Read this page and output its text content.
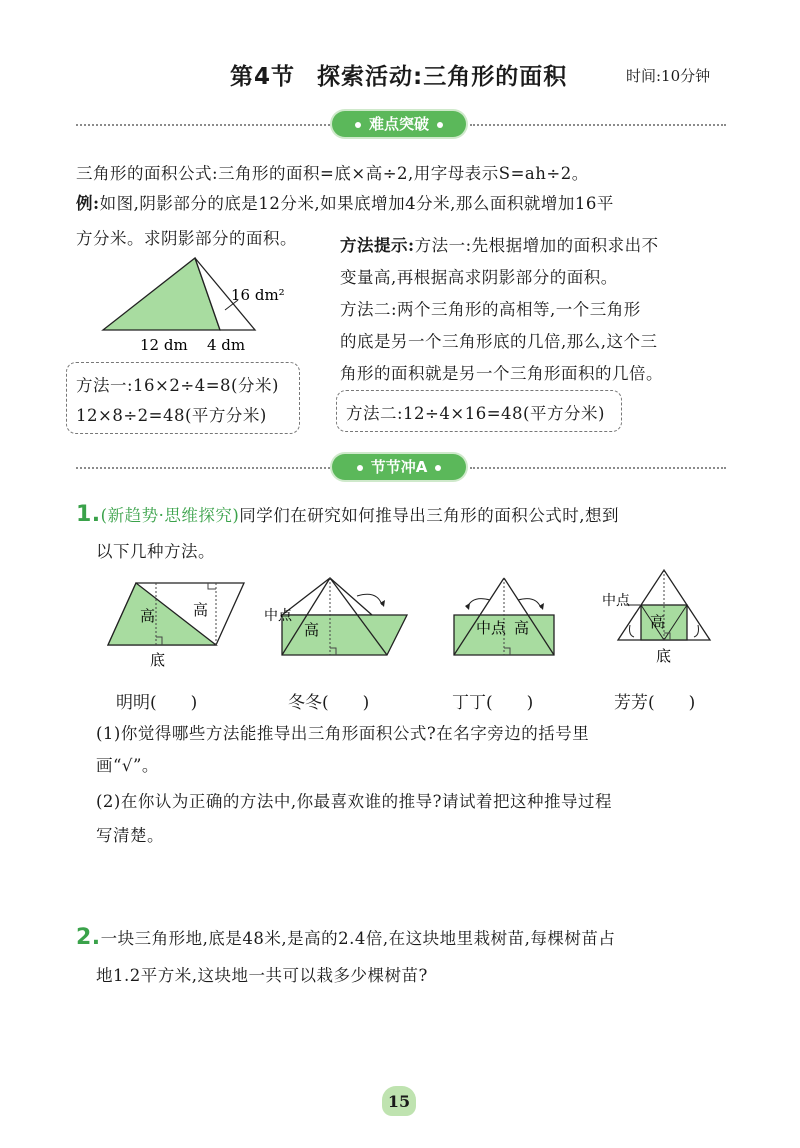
第4节 探索活动:三角形的面积	时间:10分钟
难点突破
三角形的面积公式:三角形的面积=底×高÷2,用字母表示S=ah÷2。
例:如图,阴影部分的底是12分米,如果底增加4分米,那么面积就增加16平
方分米。求阴影部分的面积。
16 dm²
12 dm 4 dm
方法提示:方法一:先根据增加的面积求出不
变量高,再根据高求阴影部分的面积。
方法二:两个三角形的高相等,一个三角形
的底是另一个三角形底的几倍,那么,这个三
角形的面积就是另一个三角形面积的几倍。
方法一:16×2÷4=8(分米)
12×8÷2=48(平方分米)	方法二:12÷4×16=48(平方分米)
节节冲A
1.(新趋势·思维探究)同学们在研究如何推导出三角形的面积公式时,想到
以下几种方法。
高	高
底
中点
高	中点 高
中点
高
底
明明(　　)	冬冬(　　)	丁丁(　　)	芳芳(　　)
(1)你觉得哪些方法能推导出三角形面积公式?在名字旁边的括号里
画“√”。
(2)在你认为正确的方法中,你最喜欢谁的推导?请试着把这种推导过程
写清楚。
2.一块三角形地,底是48米,是高的2.4倍,在这块地里栽树苗,每棵树苗占
地1.2平方米,这块地一共可以栽多少棵树苗?
15
